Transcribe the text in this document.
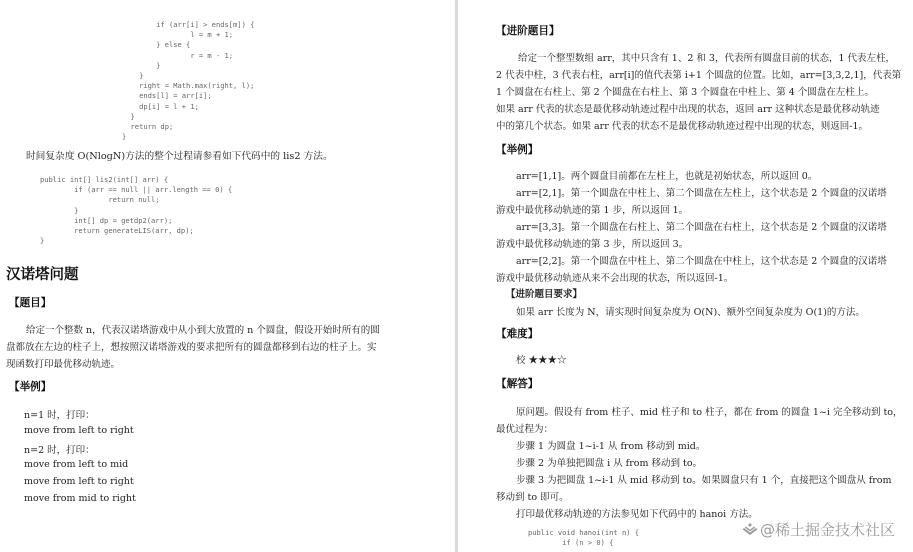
if (arr[i] > ends[m]) {
l = m + 1;
} else {
r = m - 1;
}
}
right = Math.max(right, l);
ends[l] = arr[i];
dp[i] = l + 1;
}
return dp;
}
时间复杂度 O(NlogN)方法的整个过程请参看如下代码中的 lis2 方法。
public int[] lis2(int[] arr) {
if (arr == null || arr.length == 0) {
return null;
}
int[] dp = getdp2(arr);
return generateLIS(arr, dp);
}
汉诺塔问题
【题目】
给定一个整数 n，代表汉诺塔游戏中从小到大放置的 n 个圆盘，假设开始时所有的圆
盘都放在左边的柱子上，想按照汉诺塔游戏的要求把所有的圆盘都移到右边的柱子上。实
现函数打印最优移动轨迹。
【举例】
n=1 时，打印：
move from left to right
n=2 时，打印：
move from left to mid
move from left to right
move from mid to right
【进阶题目】
给定一个整型数组 arr，其中只含有 1、2 和 3，代表所有圆盘目前的状态，1 代表左柱，
2 代表中柱，3 代表右柱，arr[i]的值代表第 i+1 个圆盘的位置。比如，arr=[3,3,2,1]，代表第
1 个圆盘在右柱上、第 2 个圆盘在右柱上、第 3 个圆盘在中柱上、第 4 个圆盘在左柱上。
如果 arr 代表的状态是最优移动轨迹过程中出现的状态，返回 arr 这种状态是最优移动轨迹
中的第几个状态。如果 arr 代表的状态不是最优移动轨迹过程中出现的状态，则返回-1。
【举例】
arr=[1,1]。两个圆盘目前都在左柱上，也就是初始状态，所以返回 0。
arr=[2,1]。第一个圆盘在中柱上、第二个圆盘在左柱上，这个状态是 2 个圆盘的汉诺塔
游戏中最优移动轨迹的第 1 步，所以返回 1。
arr=[3,3]。第一个圆盘在右柱上、第二个圆盘在右柱上，这个状态是 2 个圆盘的汉诺塔
游戏中最优移动轨迹的第 3 步，所以返回 3。
arr=[2,2]。第一个圆盘在中柱上、第二个圆盘在中柱上，这个状态是 2 个圆盘的汉诺塔
游戏中最优移动轨迹从来不会出现的状态，所以返回-1。
【进阶题目要求】
如果 arr 长度为 N，请实现时间复杂度为 O(N)、额外空间复杂度为 O(1)的方法。
【难度】
校 ★★★☆
【解答】
原问题。假设有 from 柱子、mid 柱子和 to 柱子，都在 from 的圆盘 1~i 完全移动到 to，
最优过程为：
步骤 1 为圆盘 1~i-1 从 from 移动到 mid。
步骤 2 为单独把圆盘 i 从 from 移动到 to。
步骤 3 为把圆盘 1~i-1 从 mid 移动到 to。如果圆盘只有 1 个，直接把这个圆盘从 from
移动到 to 即可。
打印最优移动轨迹的方法参见如下代码中的 hanoi 方法。
public void hanoi(int n) {
if (n > 0) {
@稀土掘金技术社区
